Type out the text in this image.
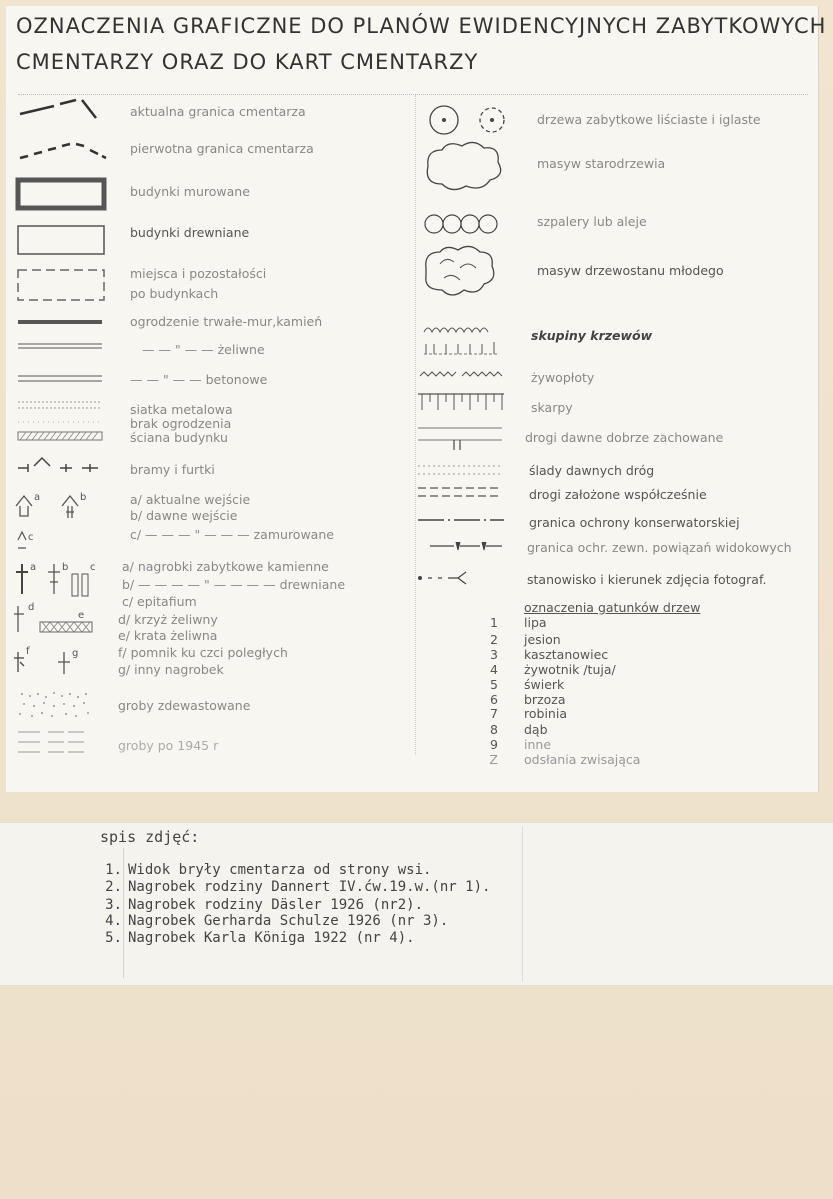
OZNACZENIA GRAFICZNE DO PLANÓW EWIDENCYJNYCH ZABYTKOWYCH
CMENTARZY ORAZ DO KART CMENTARZY
a	b
c
a	b c
d
e
f	g
aktualna granica cmentarza
pierwotna granica cmentarza
budynki murowane
budynki drewniane
miejsca i pozostałości
po budynkach
ogrodzenie trwałe-mur,kamień
— — " — — żeliwne
— — " — — betonowe
siatka metalowa
brak ogrodzenia
ściana budynku
bramy i furtki
a/ aktualne wejście
b/ dawne wejście
c/ — — — " — — — zamurowane
a/ nagrobki zabytkowe kamienne
b/ — — — — " — — — — drewniane
c/ epitafium
d/ krzyż żeliwny
e/ krata żeliwna
f/ pomnik ku czci poległych
g/ inny nagrobek
groby zdewastowane
groby po 1945 r
drzewa zabytkowe liściaste i iglaste
masyw starodrzewia
szpalery lub aleje
masyw drzewostanu młodego
skupiny krzewów
żywopłoty
skarpy
drogi dawne dobrze zachowane
ślady dawnych dróg
drogi założone współcześnie
granica ochrony konserwatorskiej
granica ochr. zewn. powiązań widokowych
stanowisko i kierunek zdjęcia fotograf.
oznaczenia gatunków drzew
1 lipa
2 jesion
3 kasztanowiec
4 żywotnik /tuja/
5 świerk
6 brzoza
7 robinia
8 dąb
9 inne
Z odsłania zwisająca
spis zdjęć:
1. Widok bryły cmentarza od strony wsi.
2. Nagrobek rodziny Dannert IV.ćw.19.w.(nr 1).
3. Nagrobek rodziny Däsler 1926 (nr2).
4. Nagrobek Gerharda Schulze 1926 (nr 3).
5. Nagrobek Karla Königa 1922 (nr 4).
